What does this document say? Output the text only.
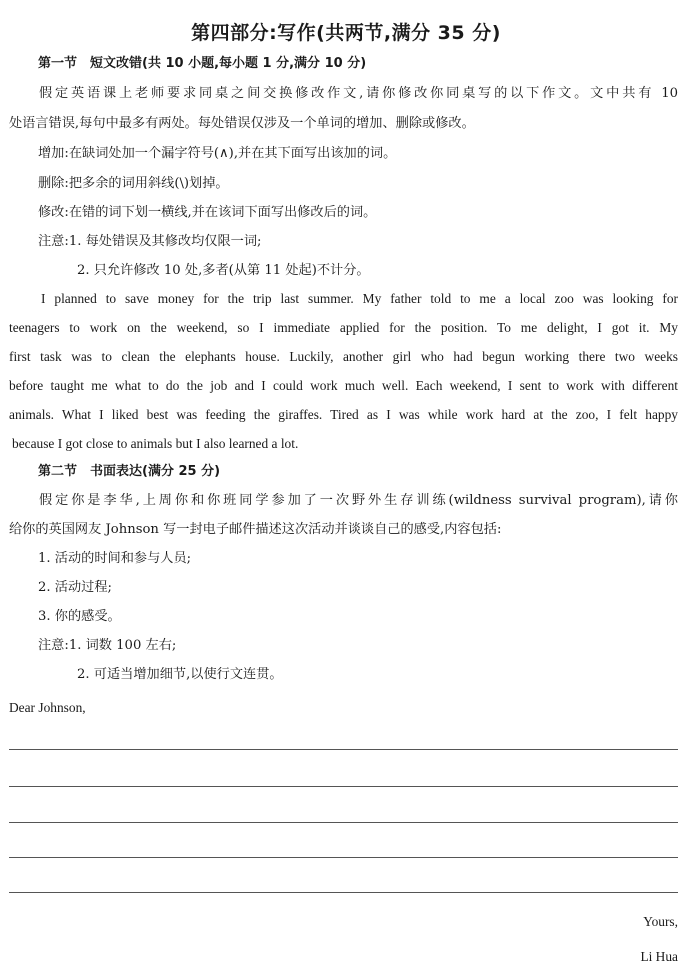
第四部分:写作(共两节,满分 35 分)
第一节　短文改错(共 10 小题,每小题 1 分,满分 10 分)
假定英语课上老师要求同桌之间交换修改作文,请你修改你同桌写的以下作文。文中共有 10
处语言错误,每句中最多有两处。每处错误仅涉及一个单词的增加、删除或修改。
增加:在缺词处加一个漏字符号(∧),并在其下面写出该加的词。
删除:把多余的词用斜线(\)划掉。
修改:在错的词下划一横线,并在该词下面写出修改后的词。
注意:1. 每处错误及其修改均仅限一词;
2. 只允许修改 10 处,多者(从第 11 处起)不计分。
I planned to save money for the trip last summer. My father told to me a local zoo was looking for
teenagers to work on the weekend, so I immediate applied for the position. To me delight, I got it. My
first task was to clean the elephants house. Luckily, another girl who had begun working there two weeks
before taught me what to do the job and I could work much well. Each weekend, I sent to work with different
animals. What I liked best was feeding the giraffes. Tired as I was while work hard at the zoo, I felt happy
because I got close to animals but I also learned a lot.
第二节　书面表达(满分 25 分)
假定你是李华,上周你和你班同学参加了一次野外生存训练(wildness survival program),请你
给你的英国网友 Johnson 写一封电子邮件描述这次活动并谈谈自己的感受,内容包括:
1. 活动的时间和参与人员;
2. 活动过程;
3. 你的感受。
注意:1. 词数 100 左右;
2. 可适当增加细节,以使行文连贯。
Dear Johnson,
Yours,
Li Hua
